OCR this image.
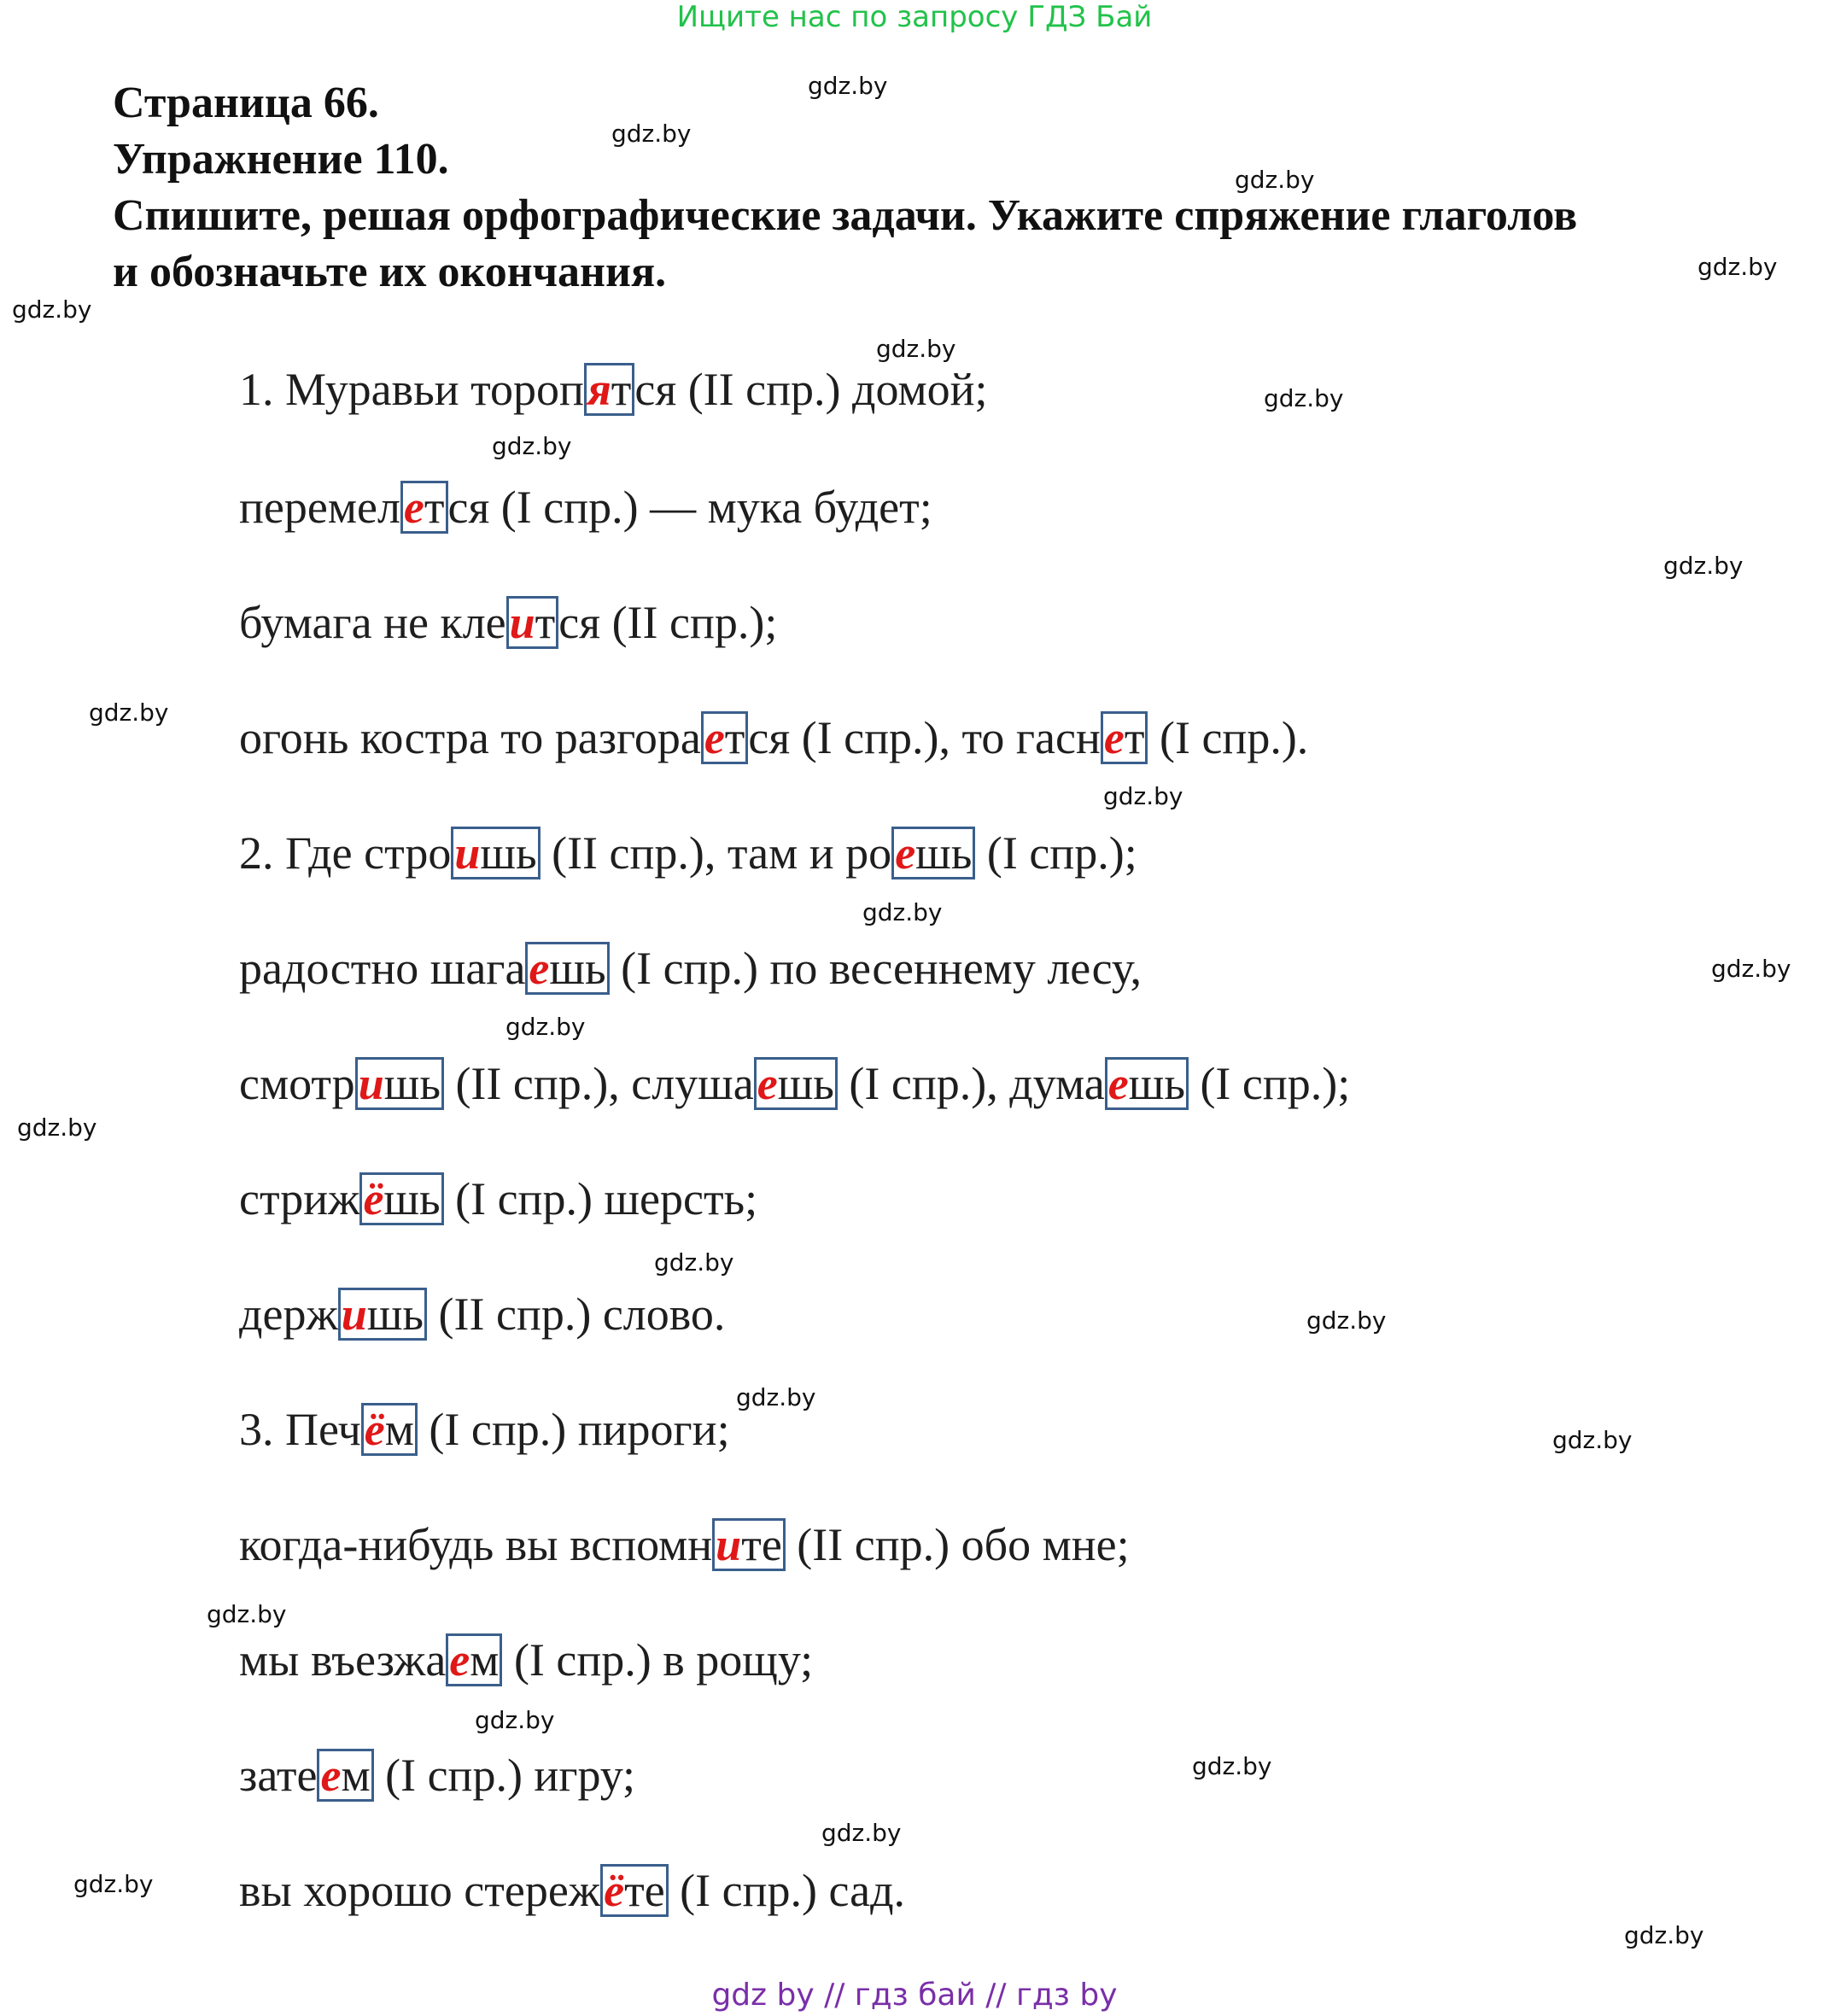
Ищите нас по запросу ГДЗ Бай
Страница 66.
Упражнение 110.
Спишите, решая орфографические задачи. Укажите спряжение глаголов
и обозначьте их окончания.
1. Муравьи торопятся (II спр.) домой;
перемелется (I спр.) — мука будет;
бумага не клеится (II спр.);
огонь костра то разгорается (I спр.), то гаснет (I спр.).
2. Где строишь (II спр.), там и роешь (I спр.);
радостно шагаешь (I спр.) по весеннему лесу,
смотришь (II спр.), слушаешь (I спр.), думаешь (I спр.);
стрижёшь (I спр.) шерсть;
держишь (II спр.) слово.
3. Печём (I спр.) пироги;
когда-нибудь вы вспомните (II спр.) обо мне;
мы въезжаем (I спр.) в рощу;
затеем (I спр.) игру;
вы хорошо стережёте (I спр.) сад.
gdz.by
gdz.by
gdz.by
gdz.by
gdz.by
gdz.by
gdz.by
gdz.by
gdz.by
gdz.by
gdz.by
gdz.by
gdz.by
gdz.by
gdz.by
gdz.by
gdz.by
gdz.by
gdz.by
gdz.by
gdz.by
gdz.by
gdz.by
gdz.by
gdz.by
gdz by // гдз бай // гдз by
